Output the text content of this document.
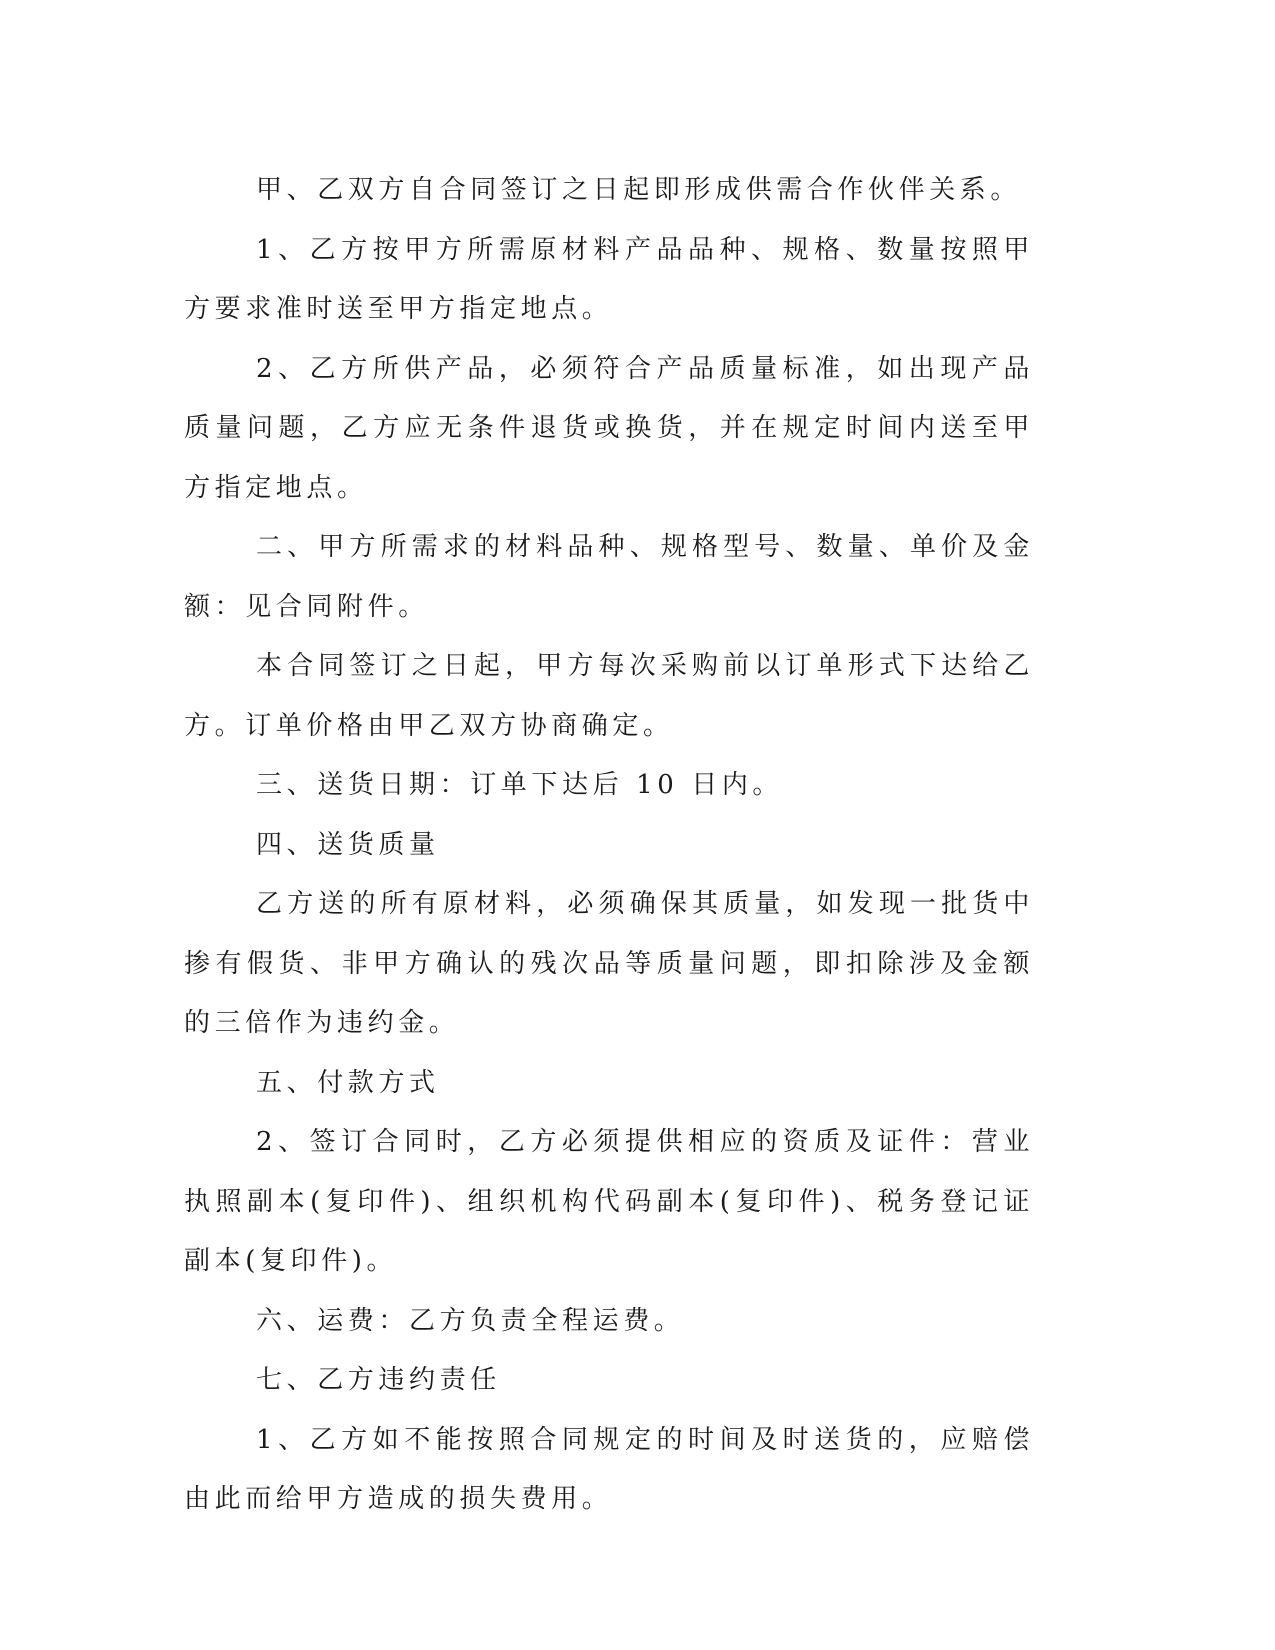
甲、乙双方自合同签订之日起即形成供需合作伙伴关系。

1、乙方按甲方所需原材料产品品种、规格、数量按照甲方要求准时送至甲方指定地点。

2、乙方所供产品，必须符合产品质量标准，如出现产品质量问题，乙方应无条件退货或换货，并在规定时间内送至甲方指定地点。

二、甲方所需求的材料品种、规格型号、数量、单价及金额：见合同附件。

本合同签订之日起，甲方每次采购前以订单形式下达给乙方。订单价格由甲乙双方协商确定。

三、送货日期：订单下达后 10 日内。

四、送货质量

乙方送的所有原材料，必须确保其质量，如发现一批货中掺有假货、非甲方确认的残次品等质量问题，即扣除涉及金额的三倍作为违约金。

五、付款方式

2、签订合同时，乙方必须提供相应的资质及证件：营业执照副本(复印件)、组织机构代码副本(复印件)、税务登记证副本(复印件)。

六、运费：乙方负责全程运费。

七、乙方违约责任

1、乙方如不能按照合同规定的时间及时送货的，应赔偿由此而给甲方造成的损失费用。
